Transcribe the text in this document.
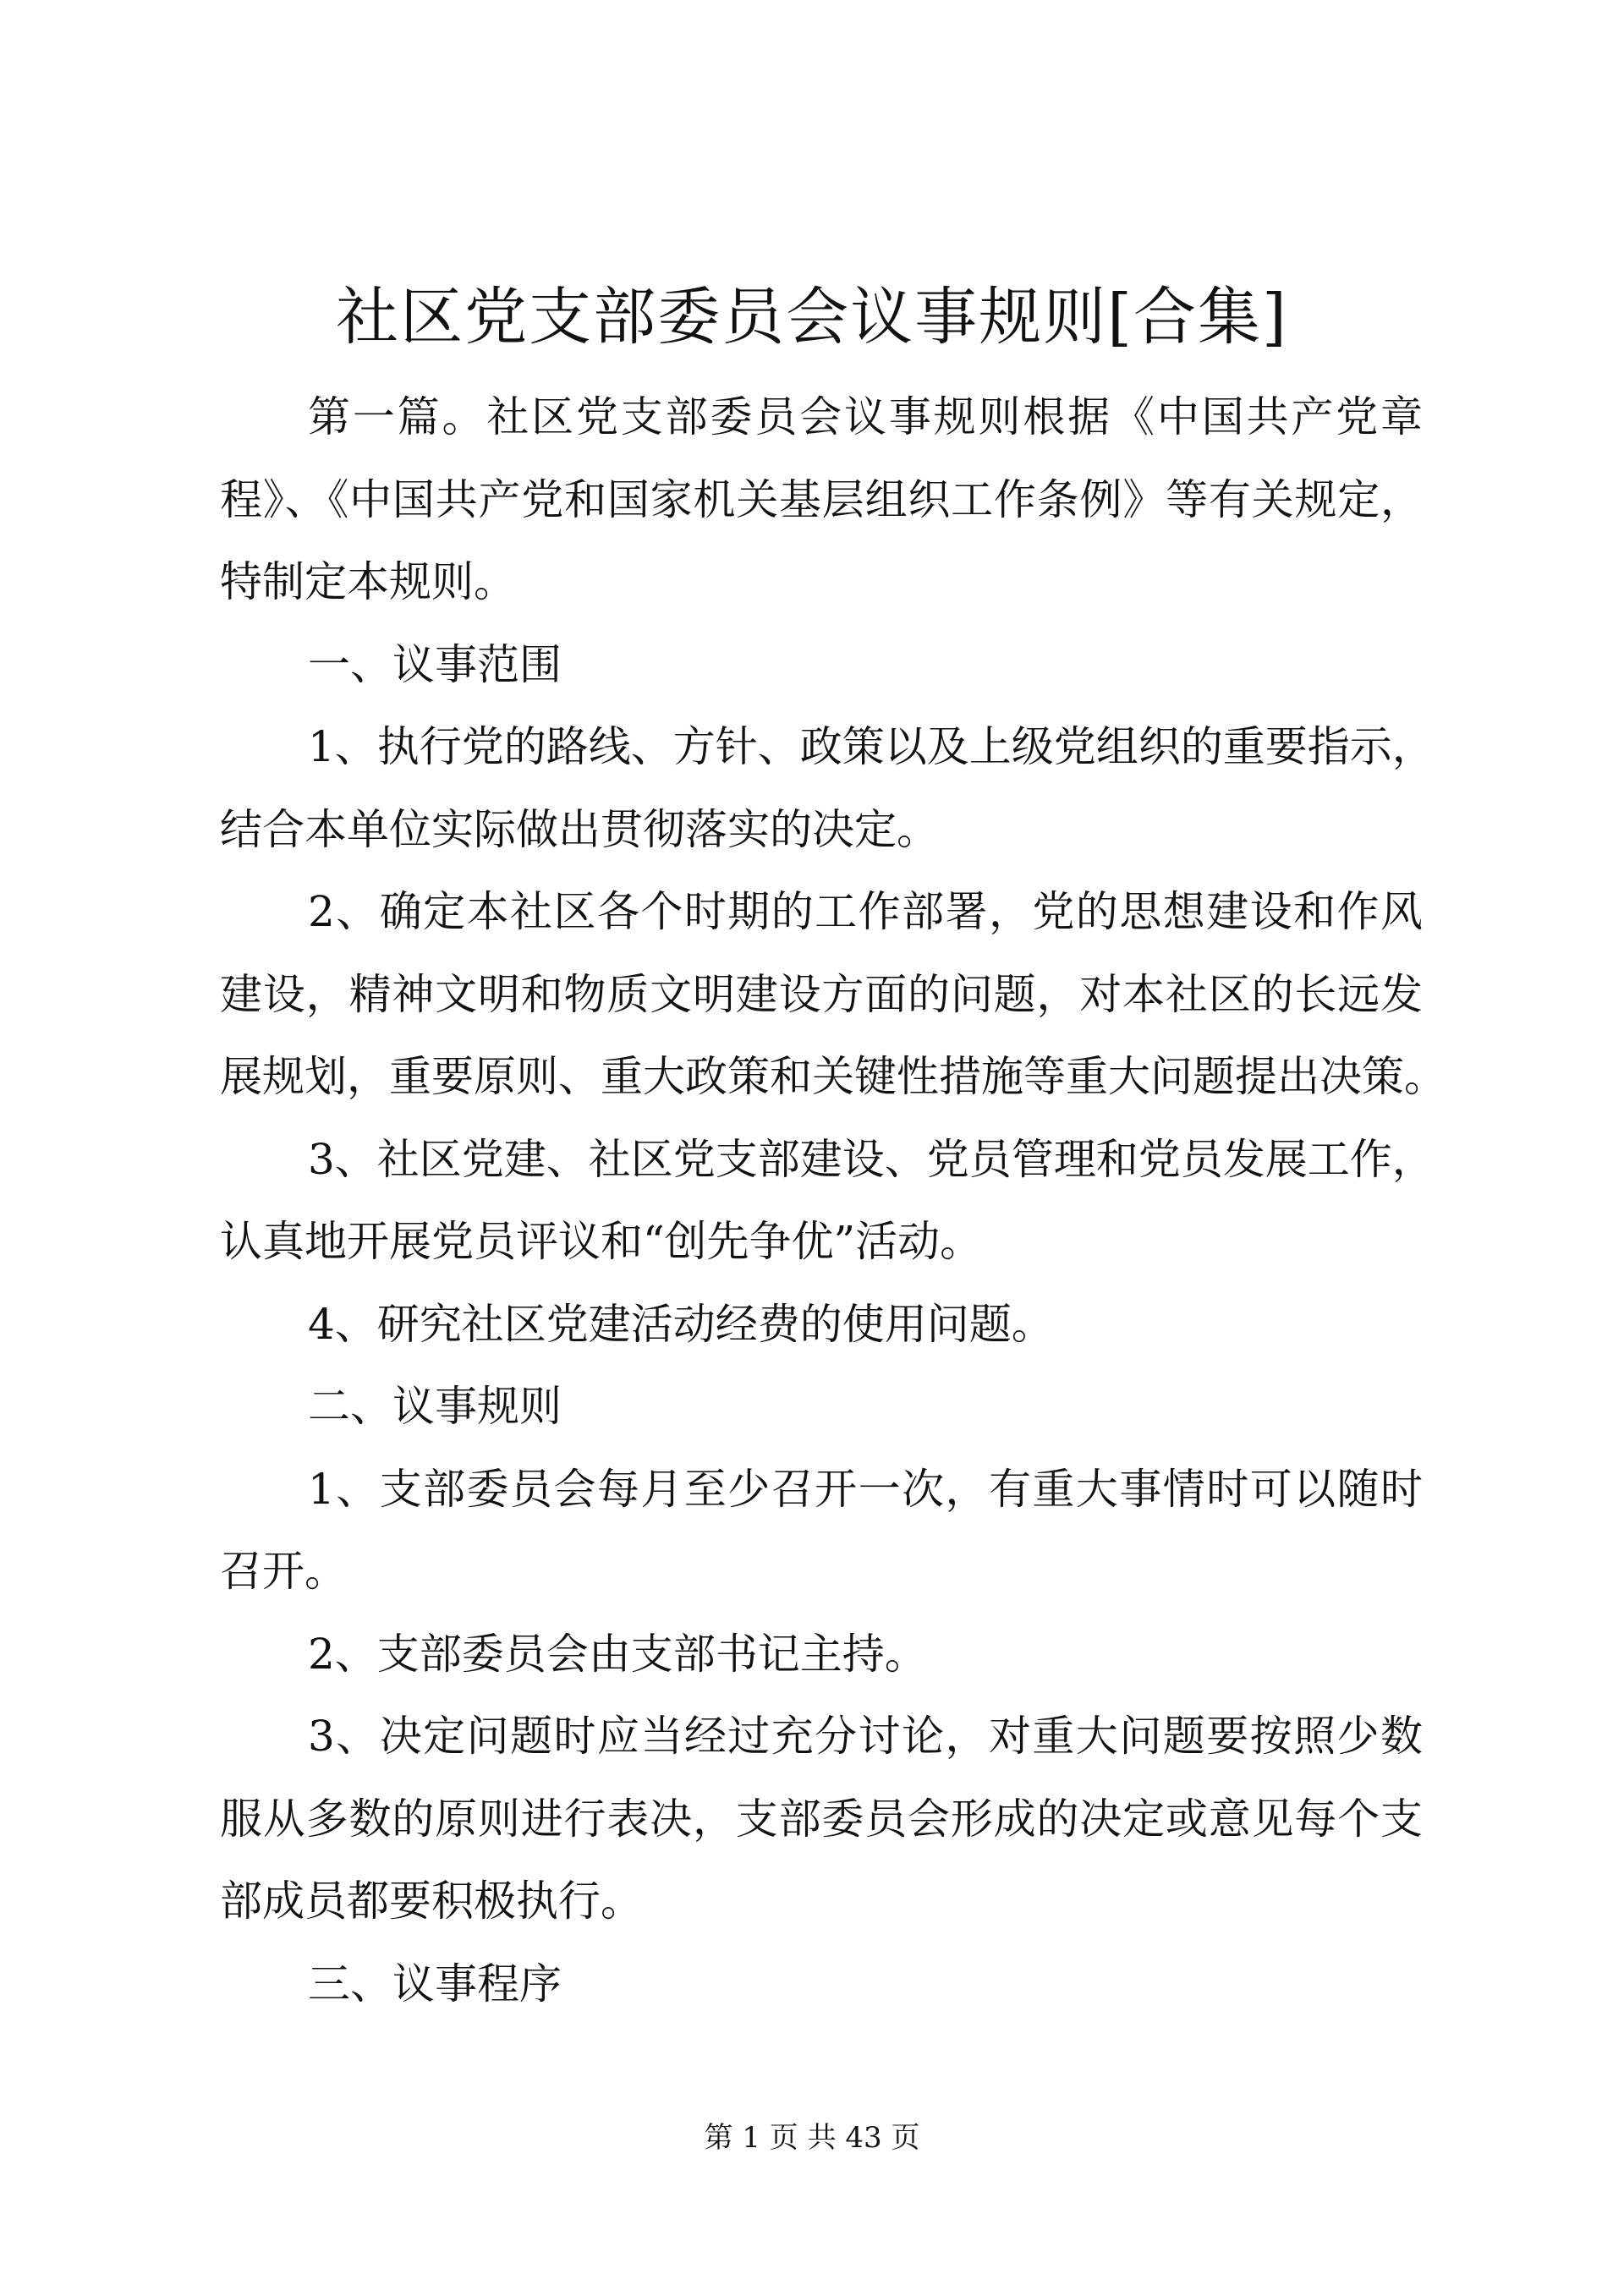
社区党支部委员会议事规则[合集]
第一篇。社区党支部委员会议事规则根据《中国共产党章
程》、《中国共产党和国家机关基层组织工作条例》等有关规定，
特制定本规则。
一、议事范围
1、执行党的路线、方针、政策以及上级党组织的重要指示，
结合本单位实际做出贯彻落实的决定。
2、确定本社区各个时期的工作部署，党的思想建设和作风
建设，精神文明和物质文明建设方面的问题，对本社区的长远发
展规划，重要原则、重大政策和关键性措施等重大问题提出决策。
3、社区党建、社区党支部建设、党员管理和党员发展工作，
认真地开展党员评议和“创先争优”活动。
4、研究社区党建活动经费的使用问题。
二、议事规则
1、支部委员会每月至少召开一次，有重大事情时可以随时
召开。
2、支部委员会由支部书记主持。
3、决定问题时应当经过充分讨论，对重大问题要按照少数
服从多数的原则进行表决，支部委员会形成的决定或意见每个支
部成员都要积极执行。
三、议事程序
第 1 页 共 43 页
